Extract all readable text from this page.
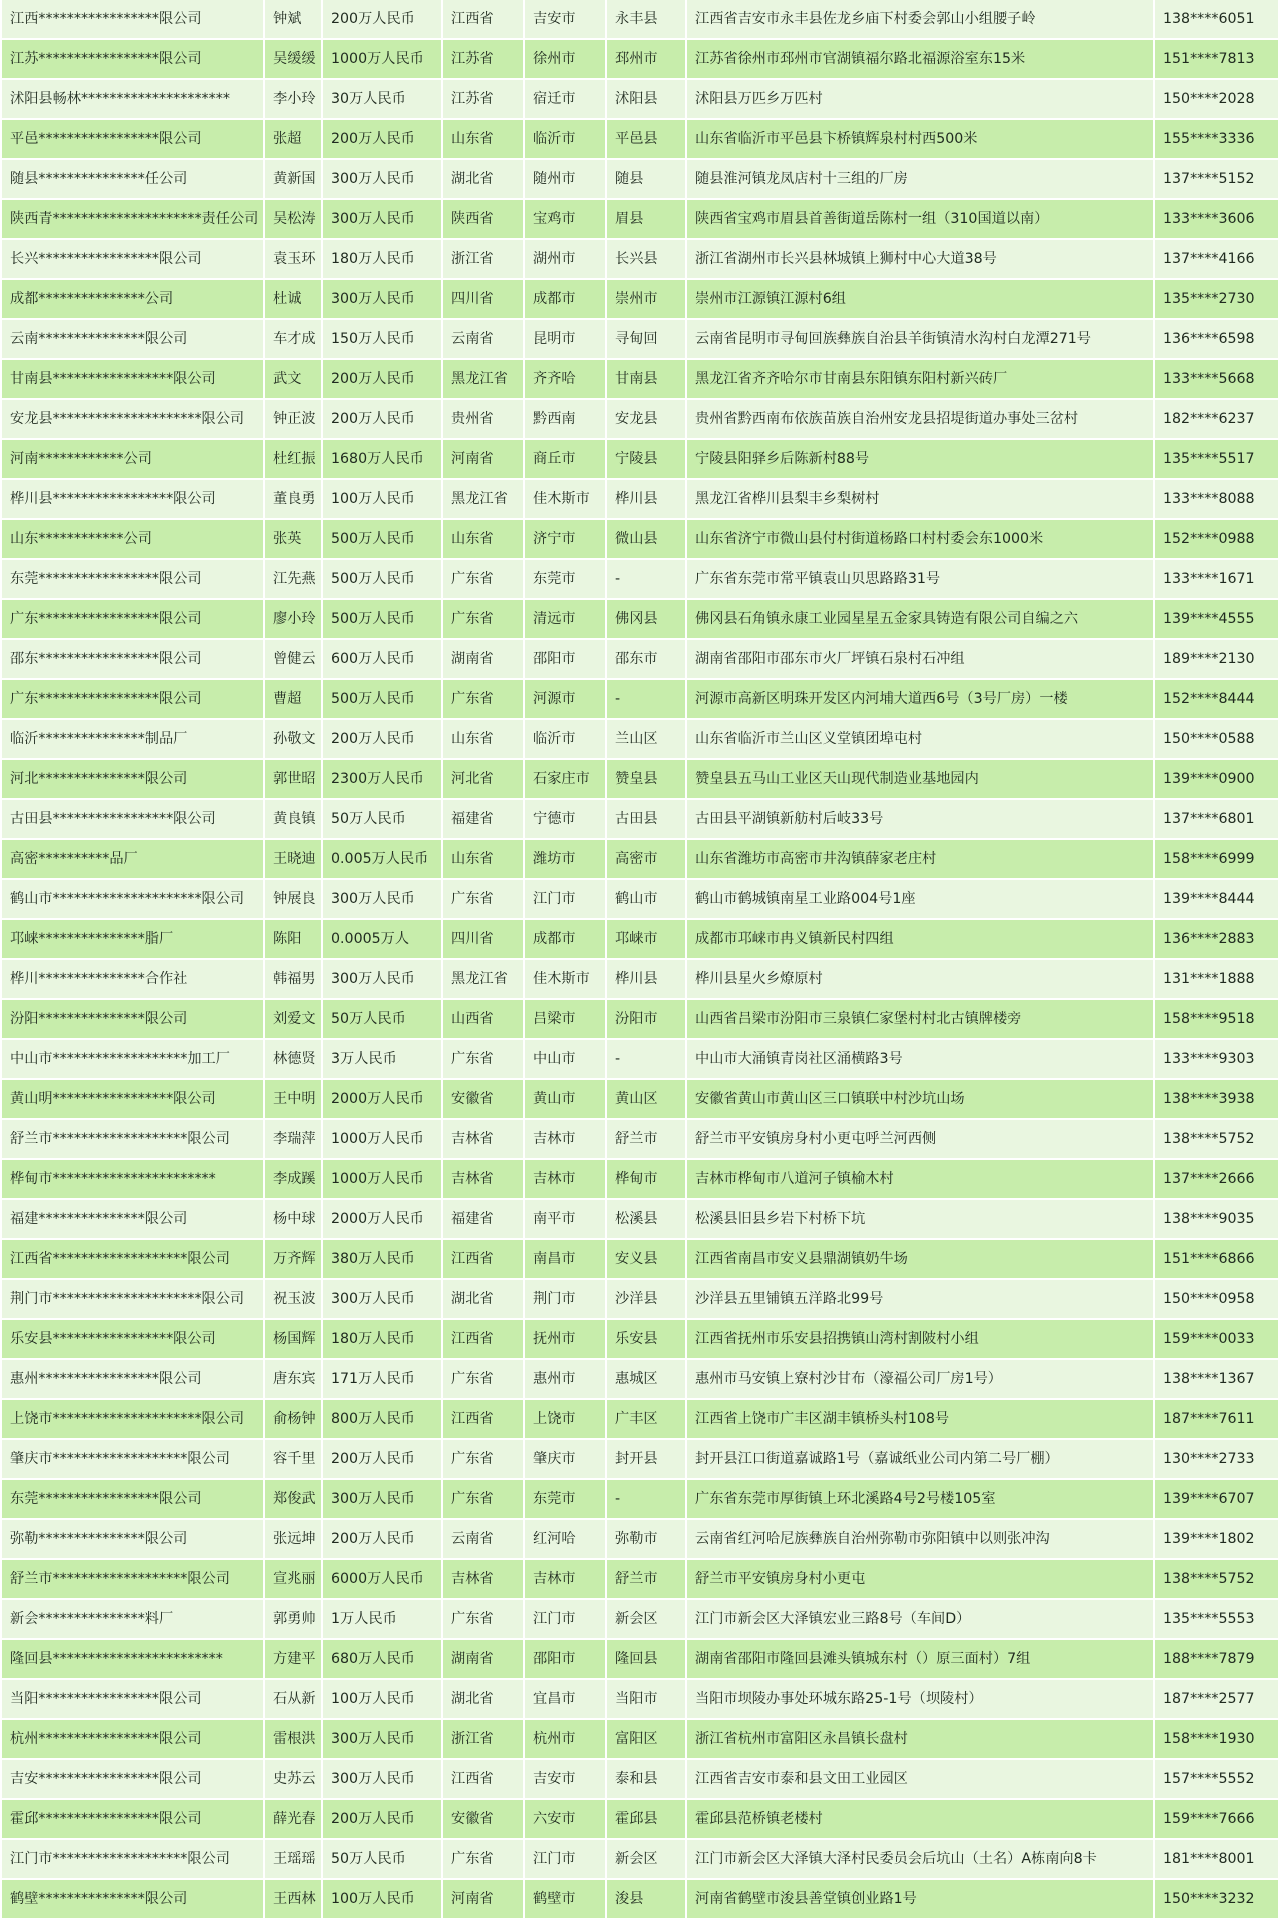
江西*****************限公司	钟斌	200万人民币	江西省	吉安市	永丰县	江西省吉安市永丰县佐龙乡庙下村委会郭山小组腰子岭	138****6051
江苏*****************限公司	吴缓缓	1000万人民币	江苏省	徐州市	邳州市	江苏省徐州市邳州市官湖镇福尔路北福源浴室东15米	151****7813
沭阳县畅林*********************	李小玲	30万人民币	江苏省	宿迁市	沭阳县	沭阳县万匹乡万匹村	150****2028
平邑*****************限公司	张超	200万人民币	山东省	临沂市	平邑县	山东省临沂市平邑县卞桥镇辉泉村村西500米	155****3336
随县***************任公司	黄新国	300万人民币	湖北省	随州市	随县	随县淮河镇龙凤店村十三组的厂房	137****5152
陕西青*********************责任公司	吴松涛	300万人民币	陕西省	宝鸡市	眉县	陕西省宝鸡市眉县首善街道岳陈村一组（310国道以南）	133****3606
长兴*****************限公司	袁玉环	180万人民币	浙江省	湖州市	长兴县	浙江省湖州市长兴县林城镇上狮村中心大道38号	137****4166
成都***************公司	杜诚	300万人民币	四川省	成都市	崇州市	崇州市江源镇江源村6组	135****2730
云南***************限公司	车才成	150万人民币	云南省	昆明市	寻甸回	云南省昆明市寻甸回族彝族自治县羊街镇清水沟村白龙潭271号	136****6598
甘南县*****************限公司	武文	200万人民币	黑龙江省	齐齐哈	甘南县	黑龙江省齐齐哈尔市甘南县东阳镇东阳村新兴砖厂	133****5668
安龙县*********************限公司	钟正波	200万人民币	贵州省	黔西南	安龙县	贵州省黔西南布依族苗族自治州安龙县招堤街道办事处三岔村	182****6237
河南************公司	杜红振	1680万人民币	河南省	商丘市	宁陵县	宁陵县阳驿乡后陈新村88号	135****5517
桦川县*****************限公司	董良勇	100万人民币	黑龙江省	佳木斯市	桦川县	黑龙江省桦川县梨丰乡梨树村	133****8088
山东************公司	张英	500万人民币	山东省	济宁市	微山县	山东省济宁市微山县付村街道杨路口村村委会东1000米	152****0988
东莞*****************限公司	江先燕	500万人民币	广东省	东莞市	-	广东省东莞市常平镇袁山贝思路路31号	133****1671
广东*****************限公司	廖小玲	500万人民币	广东省	清远市	佛冈县	佛冈县石角镇永康工业园星星五金家具铸造有限公司自编之六	139****4555
邵东*****************限公司	曾健云	600万人民币	湖南省	邵阳市	邵东市	湖南省邵阳市邵东市火厂坪镇石泉村石冲组	189****2130
广东*****************限公司	曹超	500万人民币	广东省	河源市	-	河源市高新区明珠开发区内河埔大道西6号（3号厂房）一楼	152****8444
临沂***************制品厂	孙敬文	200万人民币	山东省	临沂市	兰山区	山东省临沂市兰山区义堂镇团埠屯村	150****0588
河北***************限公司	郭世昭	2300万人民币	河北省	石家庄市	赞皇县	赞皇县五马山工业区天山现代制造业基地园内	139****0900
古田县*****************限公司	黄良镇	50万人民币	福建省	宁德市	古田县	古田县平湖镇新舫村后岐33号	137****6801
高密**********品厂	王晓迪	0.005万人民币	山东省	潍坊市	高密市	山东省潍坊市高密市井沟镇薛家老庄村	158****6999
鹤山市*********************限公司	钟展良	300万人民币	广东省	江门市	鹤山市	鹤山市鹤城镇南星工业路004号1座	139****8444
邛崃***************脂厂	陈阳	0.0005万人	四川省	成都市	邛崃市	成都市邛崃市冉义镇新民村四组	136****2883
桦川***************合作社	韩福男	300万人民币	黑龙江省	佳木斯市	桦川县	桦川县星火乡燎原村	131****1888
汾阳***************限公司	刘爱文	50万人民币	山西省	吕梁市	汾阳市	山西省吕梁市汾阳市三泉镇仁家堡村村北古镇牌楼旁	158****9518
中山市*******************加工厂	林德贤	3万人民币	广东省	中山市	-	中山市大涌镇青岗社区涌横路3号	133****9303
黄山明*****************限公司	王中明	2000万人民币	安徽省	黄山市	黄山区	安徽省黄山市黄山区三口镇联中村沙坑山场	138****3938
舒兰市*******************限公司	李瑞萍	1000万人民币	吉林省	吉林市	舒兰市	舒兰市平安镇房身村小更屯呼兰河西侧	138****5752
桦甸市***********************	李成蹊	1000万人民币	吉林省	吉林市	桦甸市	吉林市桦甸市八道河子镇榆木村	137****2666
福建***************限公司	杨中球	2000万人民币	福建省	南平市	松溪县	松溪县旧县乡岩下村桥下坑	138****9035
江西省*******************限公司	万齐辉	380万人民币	江西省	南昌市	安义县	江西省南昌市安义县鼎湖镇奶牛场	151****6866
荆门市*********************限公司	祝玉波	300万人民币	湖北省	荆门市	沙洋县	沙洋县五里铺镇五洋路北99号	150****0958
乐安县*****************限公司	杨国辉	180万人民币	江西省	抚州市	乐安县	江西省抚州市乐安县招携镇山湾村割陂村小组	159****0033
惠州*****************限公司	唐东宾	171万人民币	广东省	惠州市	惠城区	惠州市马安镇上寮村沙甘布（濠福公司厂房1号）	138****1367
上饶市*********************限公司	俞杨钟	800万人民币	江西省	上饶市	广丰区	江西省上饶市广丰区湖丰镇桥头村108号	187****7611
肇庆市*******************限公司	容千里	200万人民币	广东省	肇庆市	封开县	封开县江口街道嘉诚路1号（嘉诚纸业公司内第二号厂棚）	130****2733
东莞*****************限公司	郑俊武	300万人民币	广东省	东莞市	-	广东省东莞市厚街镇上环北溪路4号2号楼105室	139****6707
弥勒***************限公司	张远坤	200万人民币	云南省	红河哈	弥勒市	云南省红河哈尼族彝族自治州弥勒市弥阳镇中以则张冲沟	139****1802
舒兰市*******************限公司	宣兆丽	6000万人民币	吉林省	吉林市	舒兰市	舒兰市平安镇房身村小更屯	138****5752
新会***************料厂	郭勇帅	1万人民币	广东省	江门市	新会区	江门市新会区大泽镇宏业三路8号（车间D）	135****5553
隆回县************************	方建平	680万人民币	湖南省	邵阳市	隆回县	湖南省邵阳市隆回县滩头镇城东村（）原三面村）7组	188****7879
当阳*****************限公司	石从新	100万人民币	湖北省	宜昌市	当阳市	当阳市坝陵办事处环城东路25-1号（坝陵村）	187****2577
杭州*****************限公司	雷根洪	300万人民币	浙江省	杭州市	富阳区	浙江省杭州市富阳区永昌镇长盘村	158****1930
吉安*****************限公司	史苏云	300万人民币	江西省	吉安市	泰和县	江西省吉安市泰和县文田工业园区	157****5552
霍邱*****************限公司	薛光春	200万人民币	安徽省	六安市	霍邱县	霍邱县范桥镇老楼村	159****7666
江门市*******************限公司	王瑶瑶	50万人民币	广东省	江门市	新会区	江门市新会区大泽镇大泽村民委员会后坑山（土名）A栋南向8卡	181****8001
鹤壁***************限公司	王西林	100万人民币	河南省	鹤壁市	浚县	河南省鹤壁市浚县善堂镇创业路1号	150****3232
